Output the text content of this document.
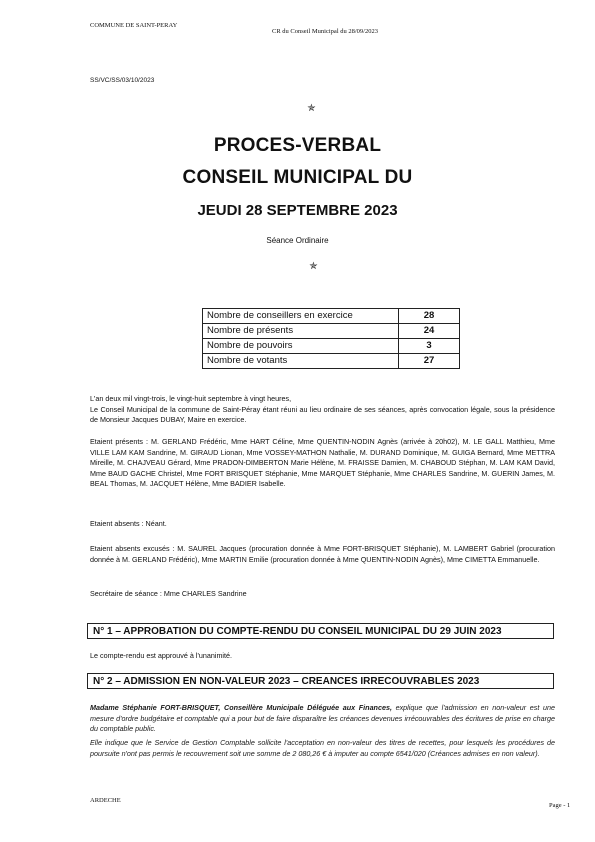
COMMUNE DE SAINT-PERAY
CR du Conseil Municipal du 28/09/2023
SS/VC/SS/03/10/2023
✯
PROCES-VERBAL
CONSEIL MUNICIPAL DU
JEUDI 28 SEPTEMBRE 2023
Séance Ordinaire
✯
Nombre de conseillers en exercice	28
Nombre de présents	24
Nombre de pouvoirs	3
Nombre de votants	27
L'an deux mil vingt-trois, le vingt-huit septembre à vingt heures,
Le Conseil Municipal de la commune de Saint-Péray étant réuni au lieu ordinaire de ses séances, après convocation légale, sous la présidence de Monsieur Jacques DUBAY, Maire en exercice.
Etaient présents : M. GERLAND Frédéric, Mme HART Céline, Mme QUENTIN-NODIN Agnès (arrivée à 20h02), M. LE GALL Matthieu, Mme VILLE LAM KAM Sandrine, M. GIRAUD Lionan, Mme VOSSEY-MATHON Nathalie, M. DURAND Dominique, M. GUIGA Bernard, Mme METTRA Mireille, M. CHAJVEAU Gérard, Mme PRADON-DIMBERTON Marie Hélène, M. FRAISSE Damien, M. CHABOUD Stéphan, M. LAM KAM David, Mme BAUD GACHE Christel, Mme FORT BRISQUET Stéphanie, Mme MARQUET Stéphanie, Mme CHARLES Sandrine, M. GUERIN James, M. BEAL Thomas, M. JACQUET Hélène, Mme BADIER Isabelle.
Etaient absents : Néant.
Etaient absents excusés : M. SAUREL Jacques (procuration donnée à Mme FORT-BRISQUET Stéphanie), M. LAMBERT Gabriel (procuration donnée à M. GERLAND Frédéric), Mme MARTIN Emilie (procuration donnée à Mme QUENTIN-NODIN Agnès), Mme CIMETTA Emmanuelle.
Secrétaire de séance : Mme CHARLES Sandrine
N° 1 – APPROBATION DU COMPTE-RENDU DU CONSEIL MUNICIPAL DU 29 JUIN 2023
Le compte-rendu est approuvé à l'unanimité.
N° 2 – ADMISSION EN NON-VALEUR 2023 – CREANCES IRRECOUVRABLES 2023
Madame Stéphanie FORT-BRISQUET, Conseillère Municipale Déléguée aux Finances, explique que l'admission en non-valeur est une mesure d'ordre budgétaire et comptable qui a pour but de faire disparaître les créances devenues irrécouvrables des écritures de prise en charge du comptable public.
Elle indique que le Service de Gestion Comptable sollicite l'acceptation en non-valeur des titres de recettes, pour lesquels les procédures de poursuite n'ont pas permis le recouvrement soit une somme de 2 080,26 € à imputer au compte 6541/020 (Créances admises en non valeur).
ARDECHE
Page - 1
